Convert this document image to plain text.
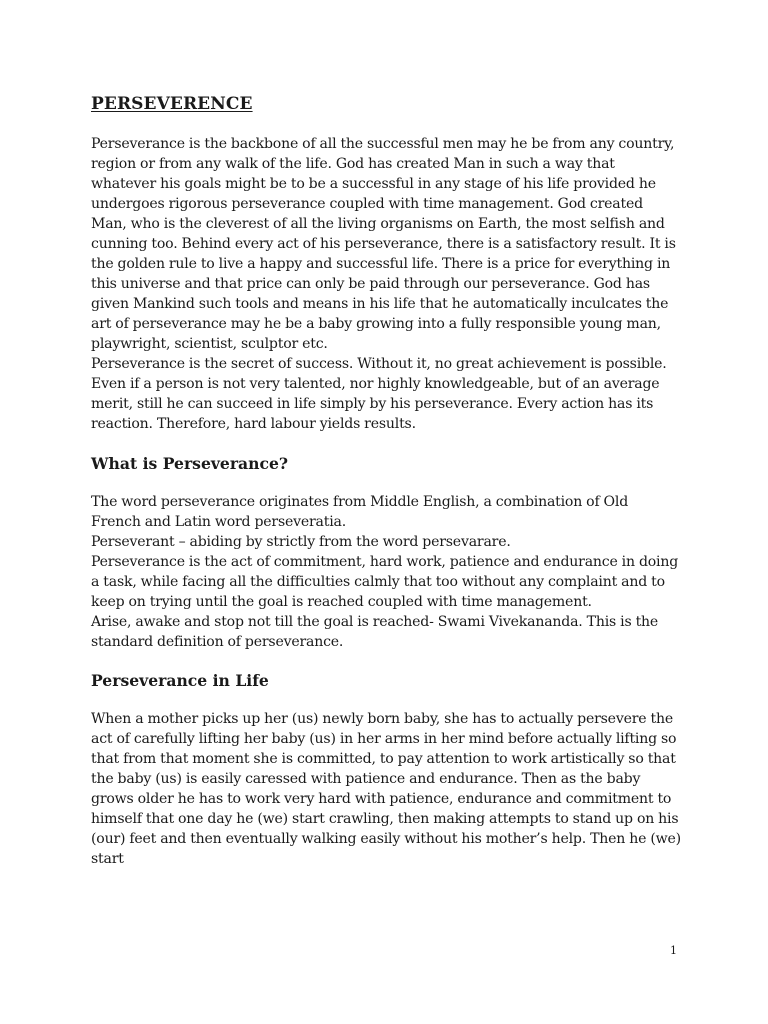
PERSEVERENCE

Perseverance is the backbone of all the successful men may he be from any country, region or from any walk of the life. God has created Man in such a way that whatever his goals might be to be a successful in any stage of his life provided he undergoes rigorous perseverance coupled with time management. God created Man, who is the cleverest of all the living organisms on Earth, the most selfish and cunning too. Behind every act of his perseverance, there is a satisfactory result. It is the golden rule to live a happy and successful life. There is a price for everything in this universe and that price can only be paid through our perseverance. God has given Mankind such tools and means in his life that he automatically inculcates the art of perseverance may he be a baby growing into a fully responsible young man, playwright, scientist, sculptor etc.

Perseverance is the secret of success. Without it, no great achievement is possible. Even if a person is not very talented, nor highly knowledgeable, but of an average merit, still he can succeed in life simply by his perseverance. Every action has its reaction. Therefore, hard labour yields results.

What is Perseverance?

The word perseverance originates from Middle English, a combination of Old French and Latin word perseveratia.

Perseverant – abiding by strictly from the word persevarare.

Perseverance is the act of commitment, hard work, patience and endurance in doing a task, while facing all the difficulties calmly that too without any complaint and to keep on trying until the goal is reached coupled with time management.

Arise, awake and stop not till the goal is reached- Swami Vivekananda. This is the standard definition of perseverance.

Perseverance in Life

When a mother picks up her (us) newly born baby, she has to actually persevere the act of carefully lifting her baby (us) in her arms in her mind before actually lifting so that from that moment she is committed, to pay attention to work artistically so that the baby (us) is easily caressed with patience and endurance. Then as the baby grows older he has to work very hard with patience, endurance and commitment to himself that one day he (we) start crawling, then making attempts to stand up on his (our) feet and then eventually walking easily without his mother’s help. Then he (we) start

1
